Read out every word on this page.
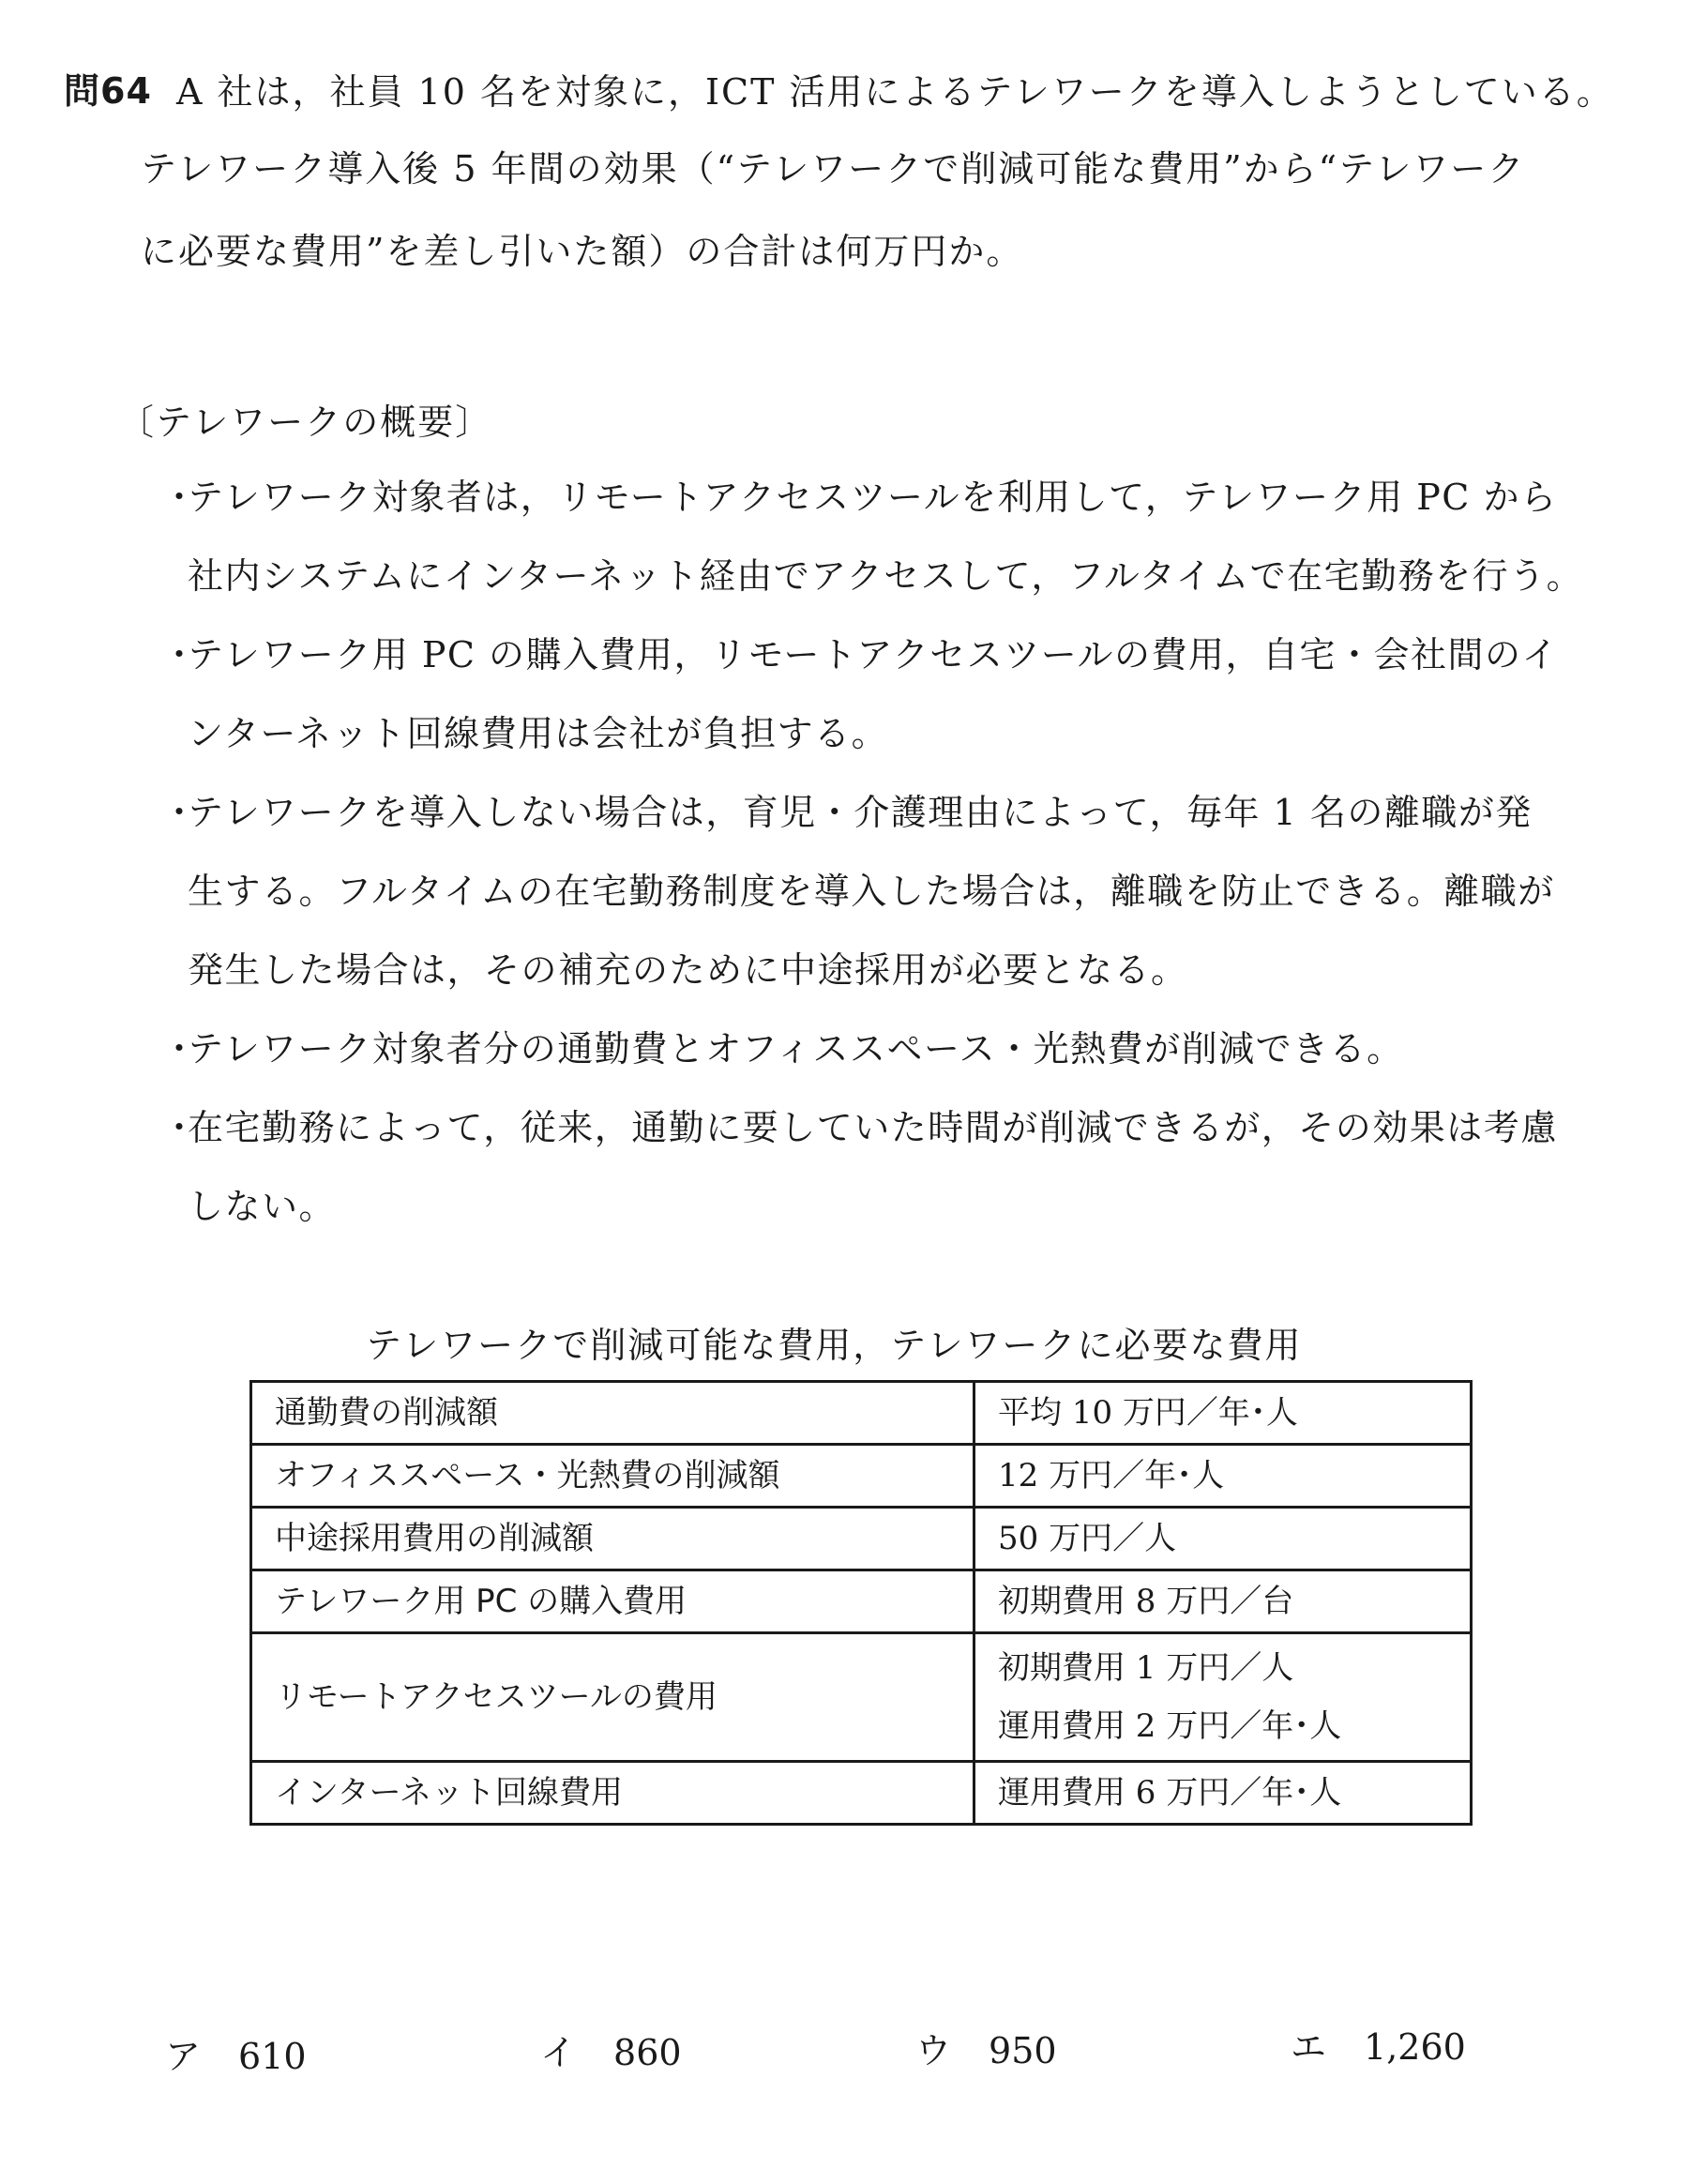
問64 A 社は，社員 10 名を対象に，ICT 活用によるテレワークを導入しようとしている。
テレワーク導入後 5 年間の効果（“テレワークで削減可能な費用”から“テレワーク
に必要な費用”を差し引いた額）の合計は何万円か。
〔テレワークの概要〕
・
テレワーク対象者は，リモートアクセスツールを利用して，テレワーク用 PC から
社内システムにインターネット経由でアクセスして，フルタイムで在宅勤務を行う。
・
テレワーク用 PC の購入費用，リモートアクセスツールの費用，自宅・会社間のイ
ンターネット回線費用は会社が負担する。
・
テレワークを導入しない場合は，育児・介護理由によって，毎年 1 名の離職が発
生する。フルタイムの在宅勤務制度を導入した場合は，離職を防止できる。離職が
発生した場合は，その補充のために中途採用が必要となる。
・
テレワーク対象者分の通勤費とオフィススペース・光熱費が削減できる。
・
在宅勤務によって，従来，通勤に要していた時間が削減できるが，その効果は考慮
しない。
テレワークで削減可能な費用，テレワークに必要な費用
通勤費の削減額	平均 10 万円／年･人
オフィススペース・光熱費の削減額	12 万円／年･人
中途採用費用の削減額	50 万円／人
テレワーク用 PC の購入費用	初期費用 8 万円／台
リモートアクセスツールの費用	初期費用 1 万円／人
運用費用 2 万円／年･人

インターネット回線費用	運用費用 6 万円／年･人
ア 610	イ 860	ウ 950	エ 1,260
